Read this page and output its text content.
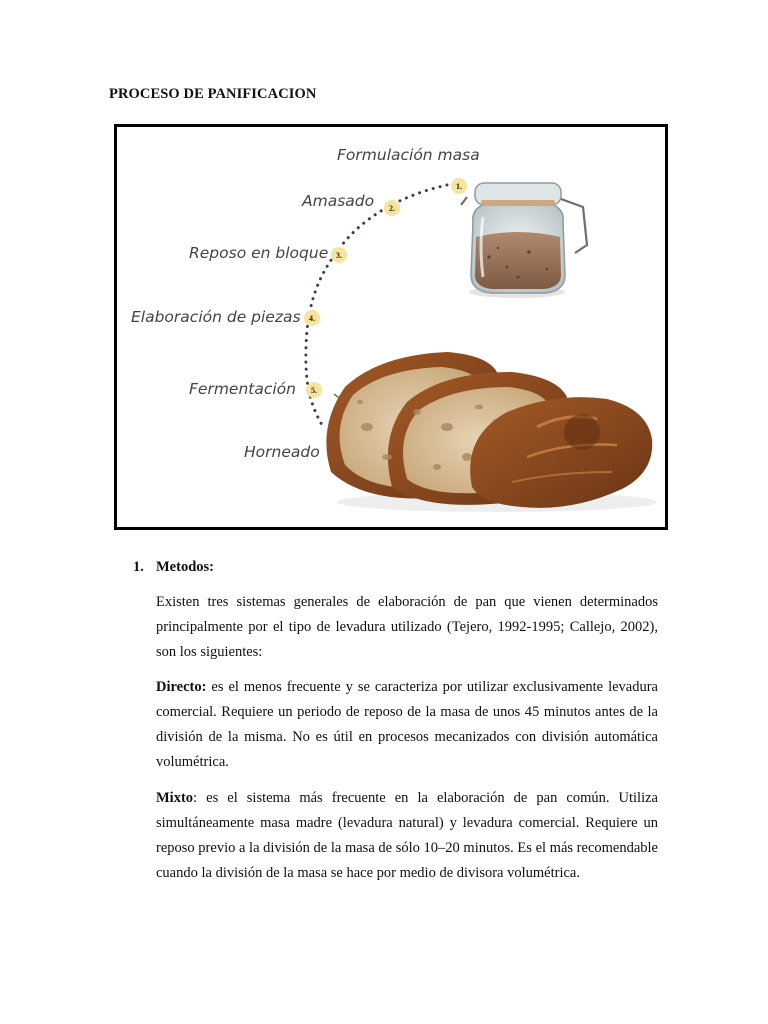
PROCESO DE PANIFICACION
Formulación masa
Amasado
Reposo en bloque
Elaboración de piezas
Fermentación
Horneado
1.
2.
3.
4.
5.
1. Metodos:

Existen tres sistemas generales de elaboración de pan que vienen determinados principalmente por el tipo de levadura utilizado (Tejero, 1992-1995; Callejo, 2002), son los siguientes:

Directo: es el menos frecuente y se caracteriza por utilizar exclusivamente levadura comercial. Requiere un periodo de reposo de la masa de unos 45 minutos antes de la división de la misma. No es útil en procesos mecanizados con división automática volumétrica.

Mixto: es el sistema más frecuente en la elaboración de pan común. Utiliza simultáneamente masa madre (levadura natural) y levadura comercial. Requiere un reposo previo a la división de la masa de sólo 10–20 minutos. Es el más recomendable cuando la división de la masa se hace por medio de divisora volumétrica.
